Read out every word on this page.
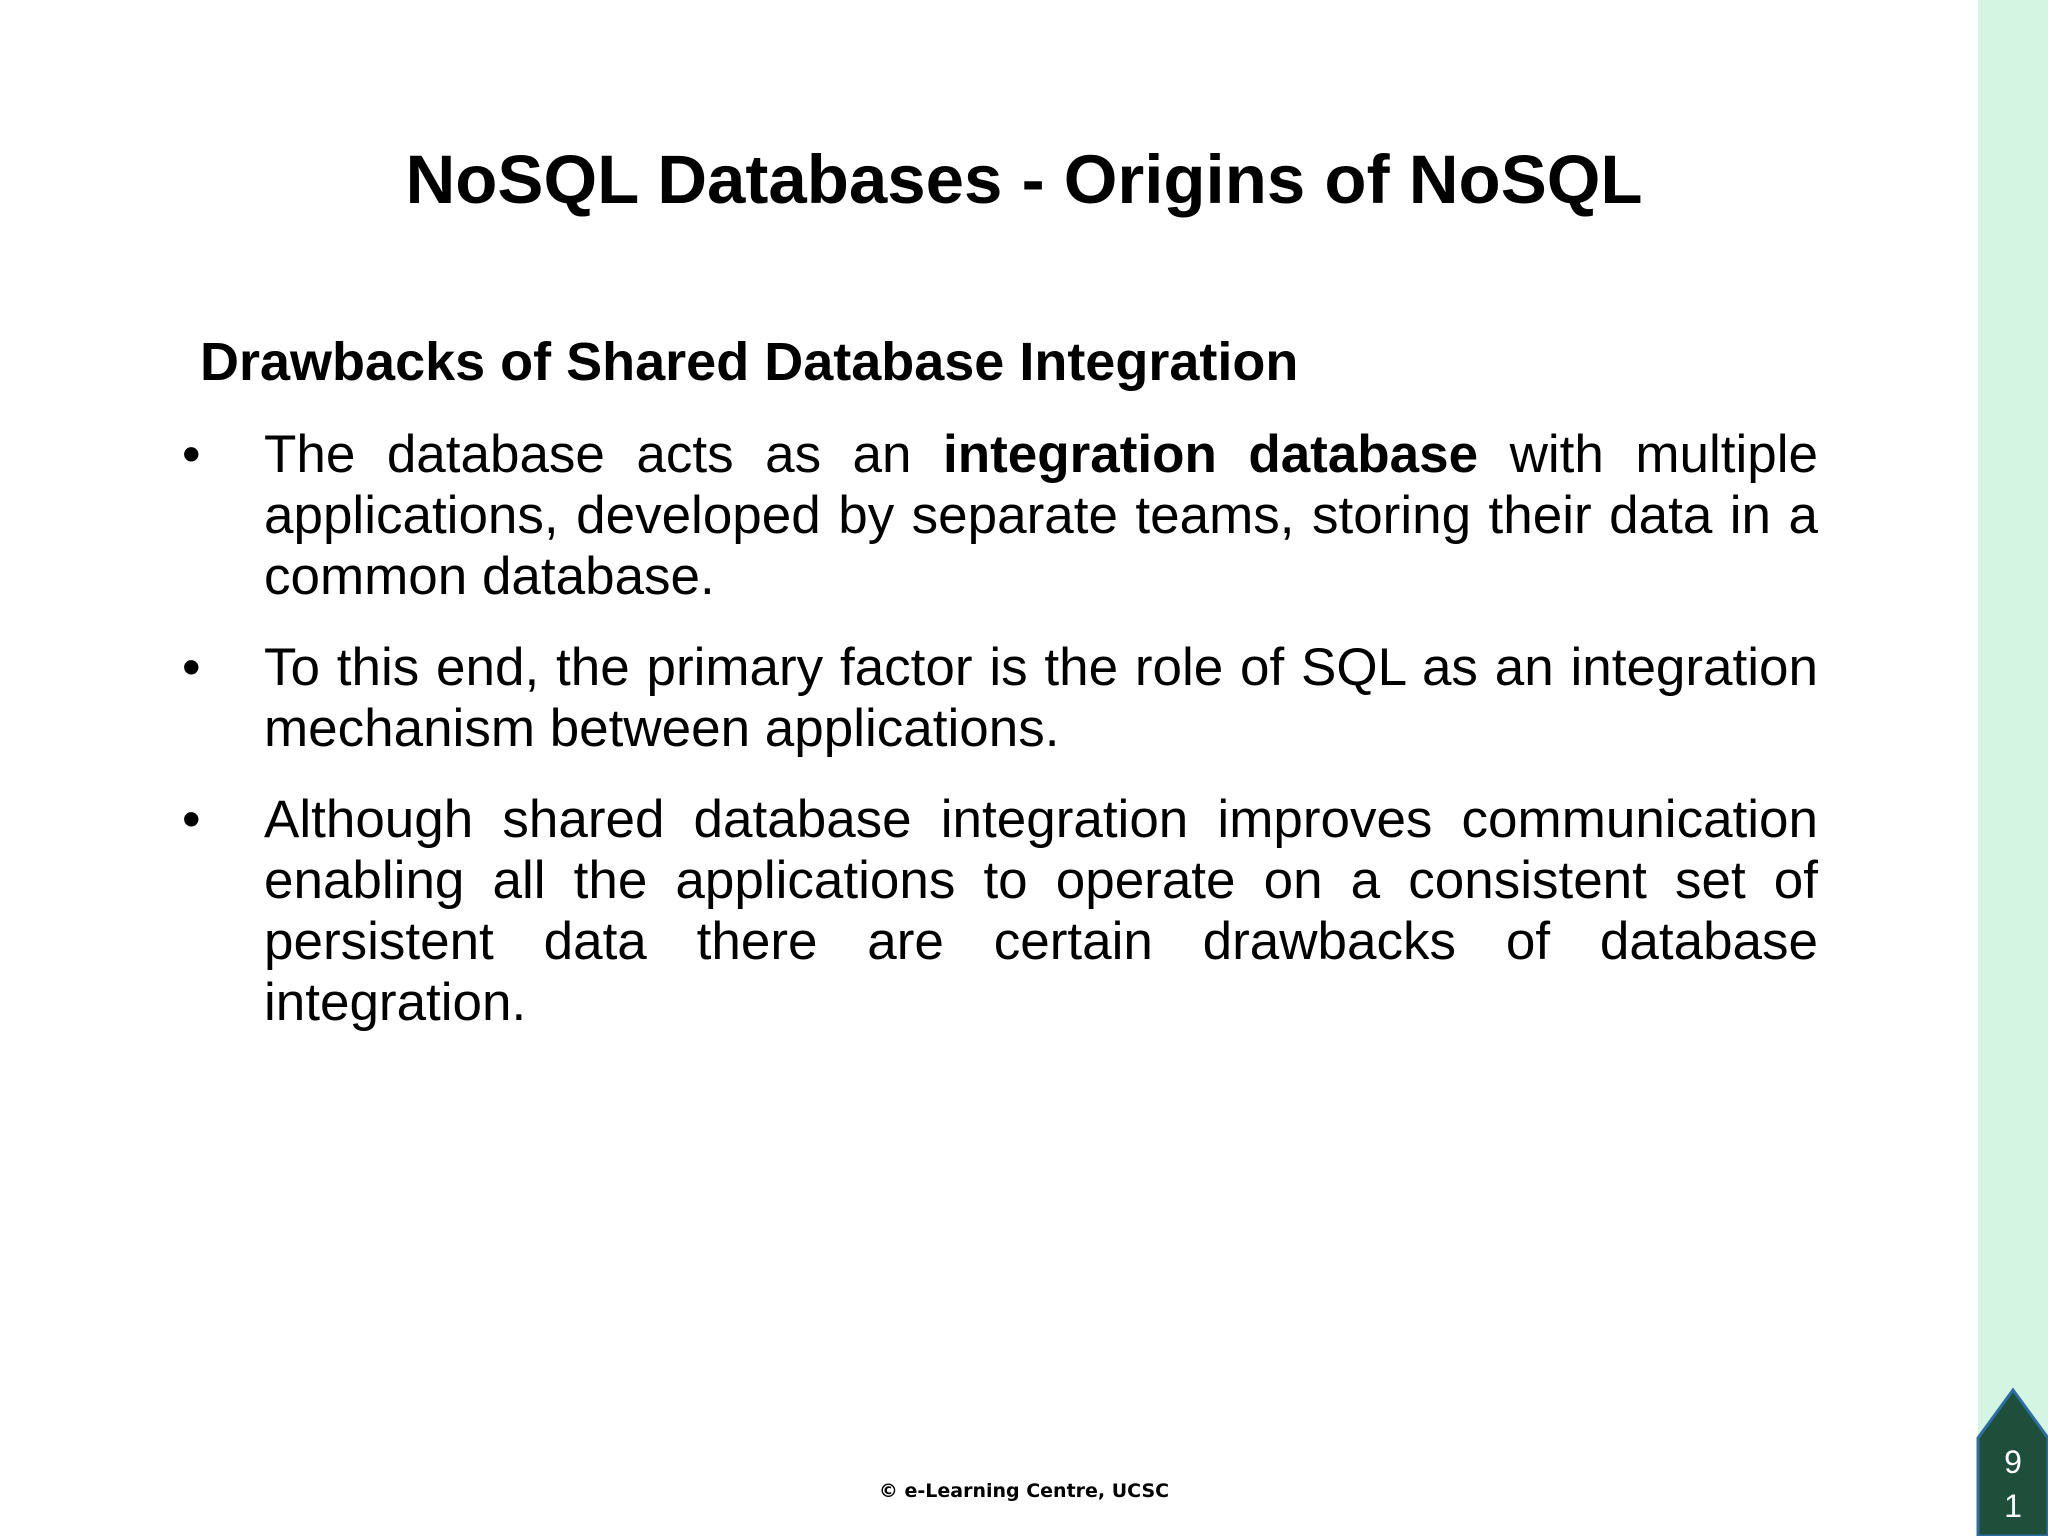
9
1
NoSQL Databases - Origins of NoSQL
Drawbacks of Shared Database Integration
• The database acts as an integration database with multiple applications, developed by separate teams, storing their data in a common database.
• To this end, the primary factor is the role of SQL as an integration mechanism between applications.
• Although shared database integration improves communication enabling all the applications to operate on a consistent set of persistent data there are certain drawbacks of database integration.
© e-Learning Centre, UCSC
